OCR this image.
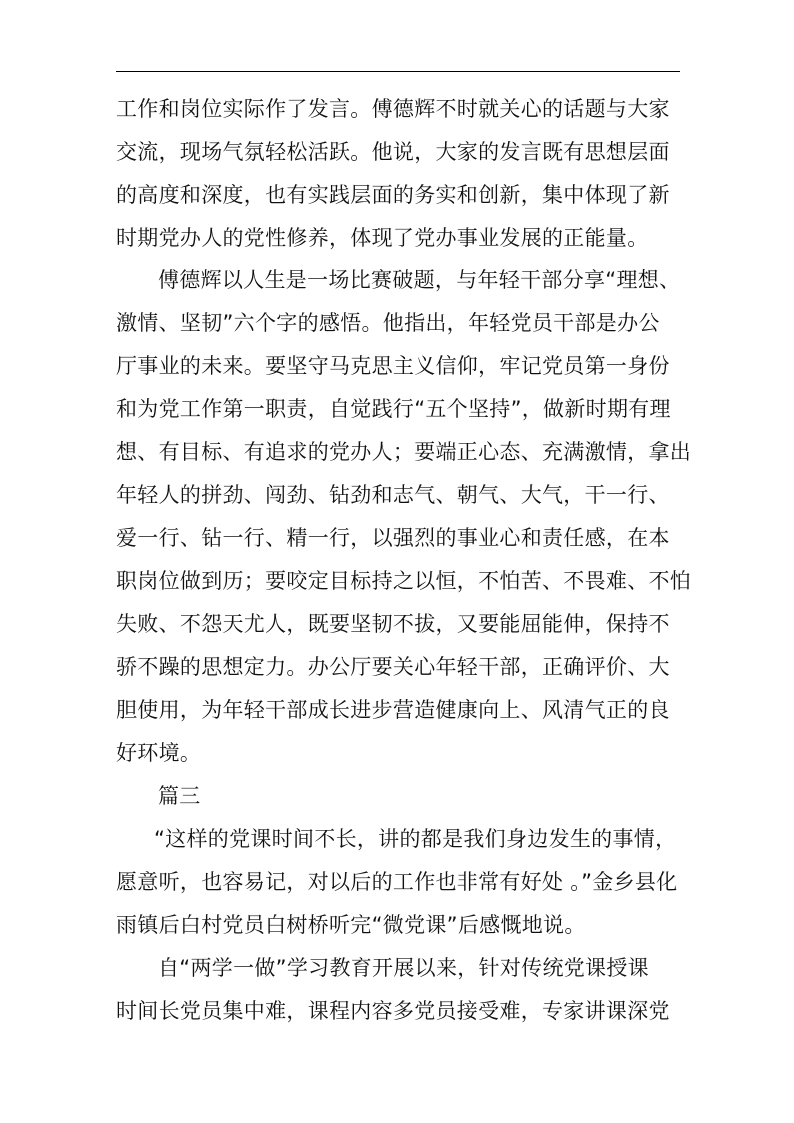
工作和岗位实际作了发言。傅德辉不时就关心的话题与大家
交流，现场气氛轻松活跃。他说，大家的发言既有思想层面
的高度和深度，也有实践层面的务实和创新，集中体现了新
时期党办人的党性修养，体现了党办事业发展的正能量。
傅德辉以人生是一场比赛破题，与年轻干部分享“理想、
激情、坚韧”六个字的感悟。他指出，年轻党员干部是办公
厅事业的未来。要坚守马克思主义信仰，牢记党员第一身份
和为党工作第一职责，自觉践行“五个坚持”，做新时期有理
想、有目标、有追求的党办人；要端正心态、充满激情，拿出
年轻人的拼劲、闯劲、钻劲和志气、朝气、大气，干一行、
爱一行、钻一行、精一行，以强烈的事业心和责任感，在本
职岗位做到历；要咬定目标持之以恒，不怕苦、不畏难、不怕
失败、不怨天尤人，既要坚韧不拔，又要能屈能伸，保持不
骄不躁的思想定力。办公厅要关心年轻干部，正确评价、大
胆使用，为年轻干部成长进步营造健康向上、风清气正的良
好环境。
篇三
“这样的党课时间不长，讲的都是我们身边发生的事情，
愿意听，也容易记，对以后的工作也非常有好处 。”金乡县化
雨镇后白村党员白树桥听完“微党课”后感慨地说。
自“两学一做”学习教育开展以来，针对传统党课授课
时间长党员集中难，课程内容多党员接受难，专家讲课深党
